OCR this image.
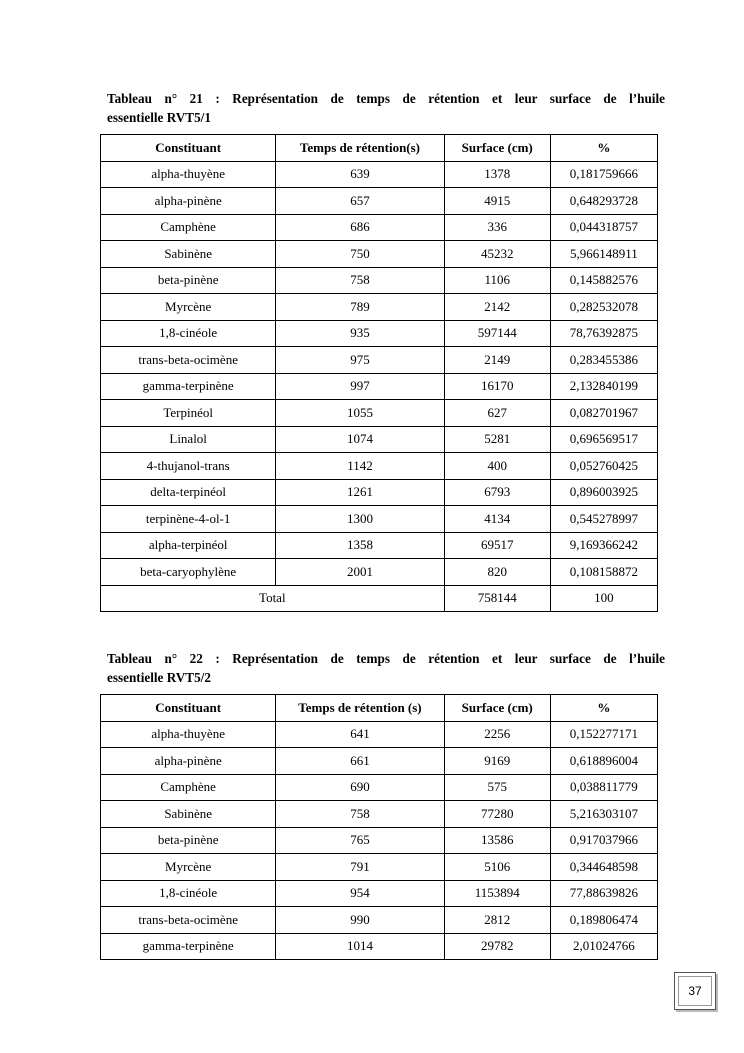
Tableau n° 21 : Représentation de temps de rétention et leur surface de l’huile
essentielle RVT5/1
Constituant	Temps de rétention(s)	Surface (cm)	%
alpha-thuyène	639	1378	0,181759666
alpha-pinène	657	4915	0,648293728
Camphène	686	336	0,044318757
Sabinène	750	45232	5,966148911
beta-pinène	758	1106	0,145882576
Myrcène	789	2142	0,282532078
1,8-cinéole	935	597144	78,76392875
trans-beta-ocimène	975	2149	0,283455386
gamma-terpinène	997	16170	2,132840199
Terpinéol	1055	627	0,082701967
Linalol	1074	5281	0,696569517
4-thujanol-trans	1142	400	0,052760425
delta-terpinéol	1261	6793	0,896003925
terpinène-4-ol-1	1300	4134	0,545278997
alpha-terpinéol	1358	69517	9,169366242
beta-caryophylène	2001	820	0,108158872
Total		758144	100
Tableau n° 22 : Représentation de temps de rétention et leur surface de l’huile
essentielle RVT5/2
Constituant	Temps de rétention (s)	Surface (cm)	%
alpha-thuyène	641	2256	0,152277171
alpha-pinène	661	9169	0,618896004
Camphène	690	575	0,038811779
Sabinène	758	77280	5,216303107
beta-pinène	765	13586	0,917037966
Myrcène	791	5106	0,344648598
1,8-cinéole	954	1153894	77,88639826
trans-beta-ocimène	990	2812	0,189806474
gamma-terpinène	1014	29782	2,01024766
37
